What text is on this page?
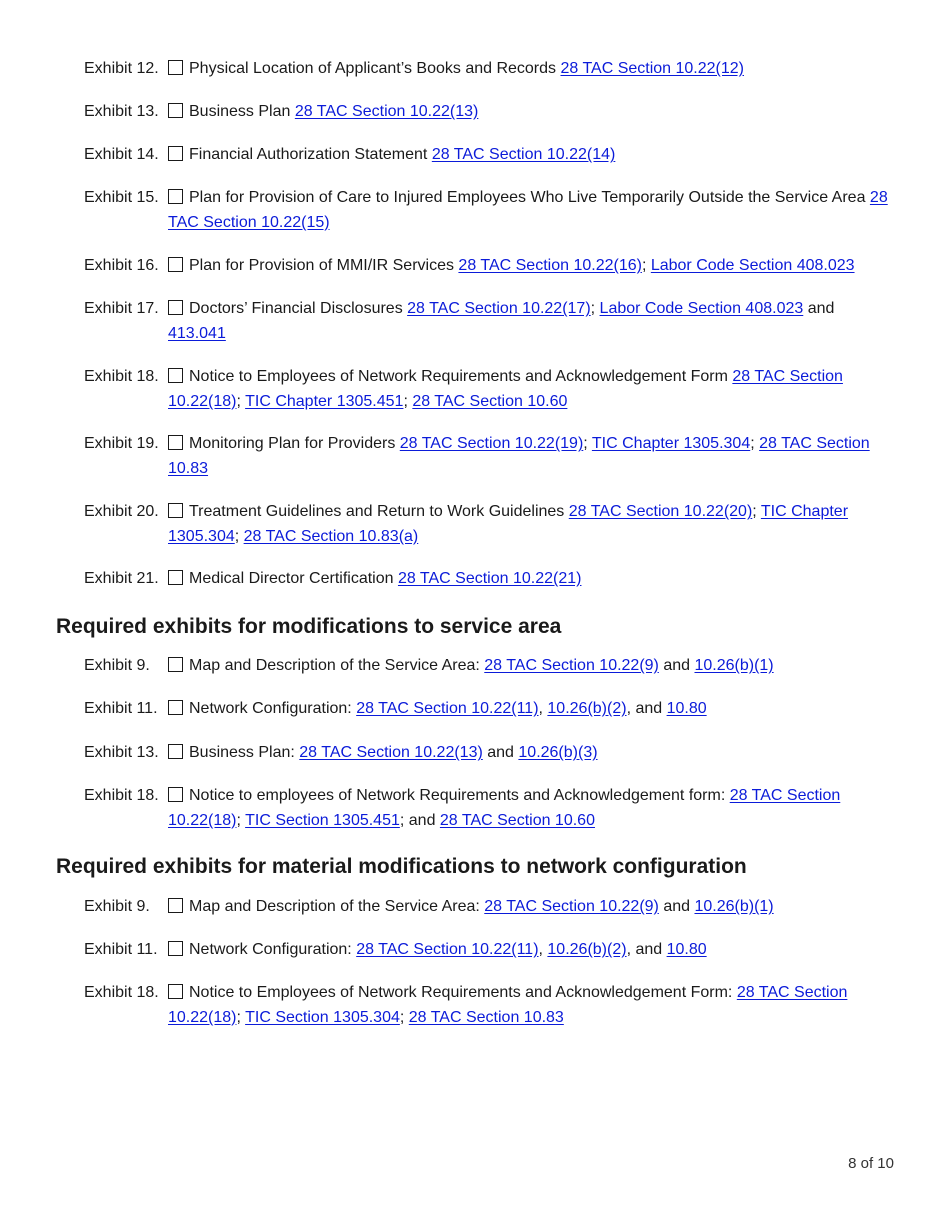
Exhibit 12.	Physical Location of Applicant’s Books and Records 28 TAC Section 10.22(12)
Exhibit 13.	Business Plan 28 TAC Section 10.22(13)
Exhibit 14.	Financial Authorization Statement 28 TAC Section 10.22(14)
Exhibit 15.	Plan for Provision of Care to Injured Employees Who Live Temporarily Outside the Service Area 28 TAC Section 10.22(15)
Exhibit 16.	Plan for Provision of MMI/IR Services 28 TAC Section 10.22(16); Labor Code Section 408.023
Exhibit 17.	Doctors’ Financial Disclosures 28 TAC Section 10.22(17); Labor Code Section 408.023 and 413.041
Exhibit 18.	Notice to Employees of Network Requirements and Acknowledgement Form 28 TAC Section 10.22(18); TIC Chapter 1305.451; 28 TAC Section 10.60
Exhibit 19.	Monitoring Plan for Providers 28 TAC Section 10.22(19); TIC Chapter 1305.304; 28 TAC Section 10.83
Exhibit 20.	Treatment Guidelines and Return to Work Guidelines 28 TAC Section 10.22(20); TIC Chapter 1305.304; 28 TAC Section 10.83(a)
Exhibit 21.	Medical Director Certification 28 TAC Section 10.22(21)
Required exhibits for modifications to service area
Exhibit 9.	Map and Description of the Service Area: 28 TAC Section 10.22(9) and 10.26(b)(1)
Exhibit 11.	Network Configuration: 28 TAC Section 10.22(11), 10.26(b)(2), and 10.80
Exhibit 13.	Business Plan: 28 TAC Section 10.22(13) and 10.26(b)(3)
Exhibit 18.	Notice to employees of Network Requirements and Acknowledgement form: 28 TAC Section 10.22(18); TIC Section 1305.451; and 28 TAC Section 10.60
Required exhibits for material modifications to network configuration
Exhibit 9.	Map and Description of the Service Area: 28 TAC Section 10.22(9) and 10.26(b)(1)
Exhibit 11.	Network Configuration: 28 TAC Section 10.22(11), 10.26(b)(2), and 10.80
Exhibit 18.	Notice to Employees of Network Requirements and Acknowledgement Form: 28 TAC Section 10.22(18); TIC Section 1305.304; 28 TAC Section 10.83
8 of 10
